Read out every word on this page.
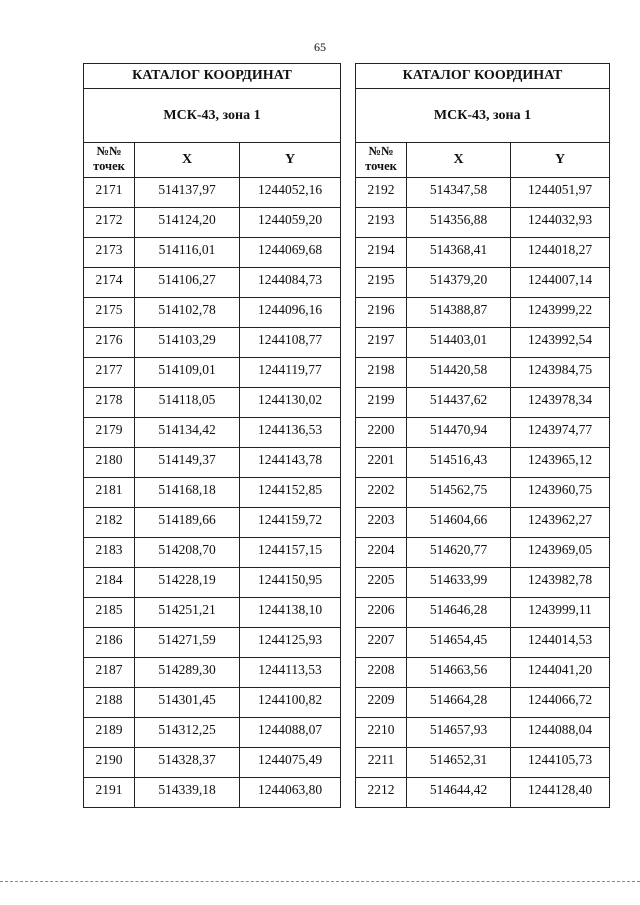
65
КАТАЛОГ КООРДИНАТ		
МСК-43, зона 1		
№№
точек	X	Y
2171	514137,97	1244052,16
2172	514124,20	1244059,20
2173	514116,01	1244069,68
2174	514106,27	1244084,73
2175	514102,78	1244096,16
2176	514103,29	1244108,77
2177	514109,01	1244119,77
2178	514118,05	1244130,02
2179	514134,42	1244136,53
2180	514149,37	1244143,78
2181	514168,18	1244152,85
2182	514189,66	1244159,72
2183	514208,70	1244157,15
2184	514228,19	1244150,95
2185	514251,21	1244138,10
2186	514271,59	1244125,93
2187	514289,30	1244113,53
2188	514301,45	1244100,82
2189	514312,25	1244088,07
2190	514328,37	1244075,49
2191	514339,18	1244063,80
КАТАЛОГ КООРДИНАТ		
МСК-43, зона 1		
№№
точек	X	Y
2192	514347,58	1244051,97
2193	514356,88	1244032,93
2194	514368,41	1244018,27
2195	514379,20	1244007,14
2196	514388,87	1243999,22
2197	514403,01	1243992,54
2198	514420,58	1243984,75
2199	514437,62	1243978,34
2200	514470,94	1243974,77
2201	514516,43	1243965,12
2202	514562,75	1243960,75
2203	514604,66	1243962,27
2204	514620,77	1243969,05
2205	514633,99	1243982,78
2206	514646,28	1243999,11
2207	514654,45	1244014,53
2208	514663,56	1244041,20
2209	514664,28	1244066,72
2210	514657,93	1244088,04
2211	514652,31	1244105,73
2212	514644,42	1244128,40
